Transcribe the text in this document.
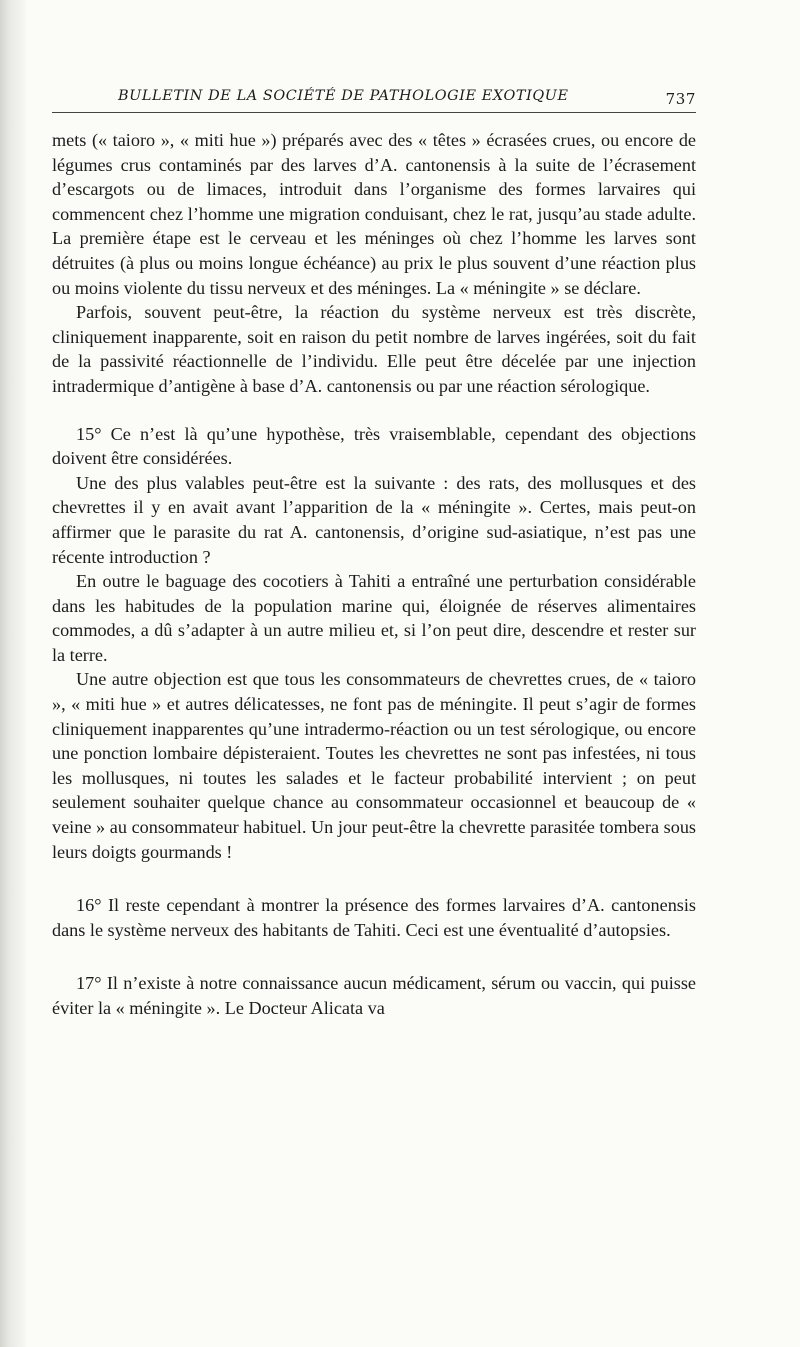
BULLETIN DE LA SOCIÉTÉ DE PATHOLOGIE EXOTIQUE	737

mets (« taioro », « miti hue ») préparés avec des « têtes » écrasées crues, ou encore de légumes crus contaminés par des larves d’A. cantonensis à la suite de l’écrasement d’escargots ou de limaces, introduit dans l’organisme des formes larvaires qui commencent chez l’homme une migration conduisant, chez le rat, jusqu’au stade adulte. La première étape est le cerveau et les méninges où chez l’homme les larves sont détruites (à plus ou moins longue échéance) au prix le plus souvent d’une réaction plus ou moins violente du tissu nerveux et des méninges. La « méningite » se déclare.

Parfois, souvent peut-être, la réaction du système nerveux est très discrète, cliniquement inapparente, soit en raison du petit nombre de larves ingérées, soit du fait de la passivité réactionnelle de l’individu. Elle peut être décelée par une injection intradermique d’antigène à base d’A. cantonensis ou par une réaction sérologique.

15° Ce n’est là qu’une hypothèse, très vraisemblable, cependant des objections doivent être considérées.

Une des plus valables peut-être est la suivante : des rats, des mollusques et des chevrettes il y en avait avant l’apparition de la « méningite ». Certes, mais peut-on affirmer que le parasite du rat A. cantonensis, d’origine sud-asiatique, n’est pas une récente introduction ?

En outre le baguage des cocotiers à Tahiti a entraîné une perturbation considérable dans les habitudes de la population marine qui, éloignée de réserves alimentaires commodes, a dû s’adapter à un autre milieu et, si l’on peut dire, descendre et rester sur la terre.

Une autre objection est que tous les consommateurs de chevrettes crues, de « taioro », « miti hue » et autres délicatesses, ne font pas de méningite. Il peut s’agir de formes cliniquement inapparentes qu’une intradermo-réaction ou un test sérologique, ou encore une ponction lombaire dépisteraient. Toutes les chevrettes ne sont pas infestées, ni tous les mollusques, ni toutes les salades et le facteur probabilité intervient ; on peut seulement souhaiter quelque chance au consommateur occasionnel et beaucoup de « veine » au consommateur habituel. Un jour peut-être la chevrette parasitée tombera sous leurs doigts gourmands !

16° Il reste cependant à montrer la présence des formes larvaires d’A. cantonensis dans le système nerveux des habitants de Tahiti. Ceci est une éventualité d’autopsies.

17° Il n’existe à notre connaissance aucun médicament, sérum ou vaccin, qui puisse éviter la « méningite ». Le Docteur Alicata va
